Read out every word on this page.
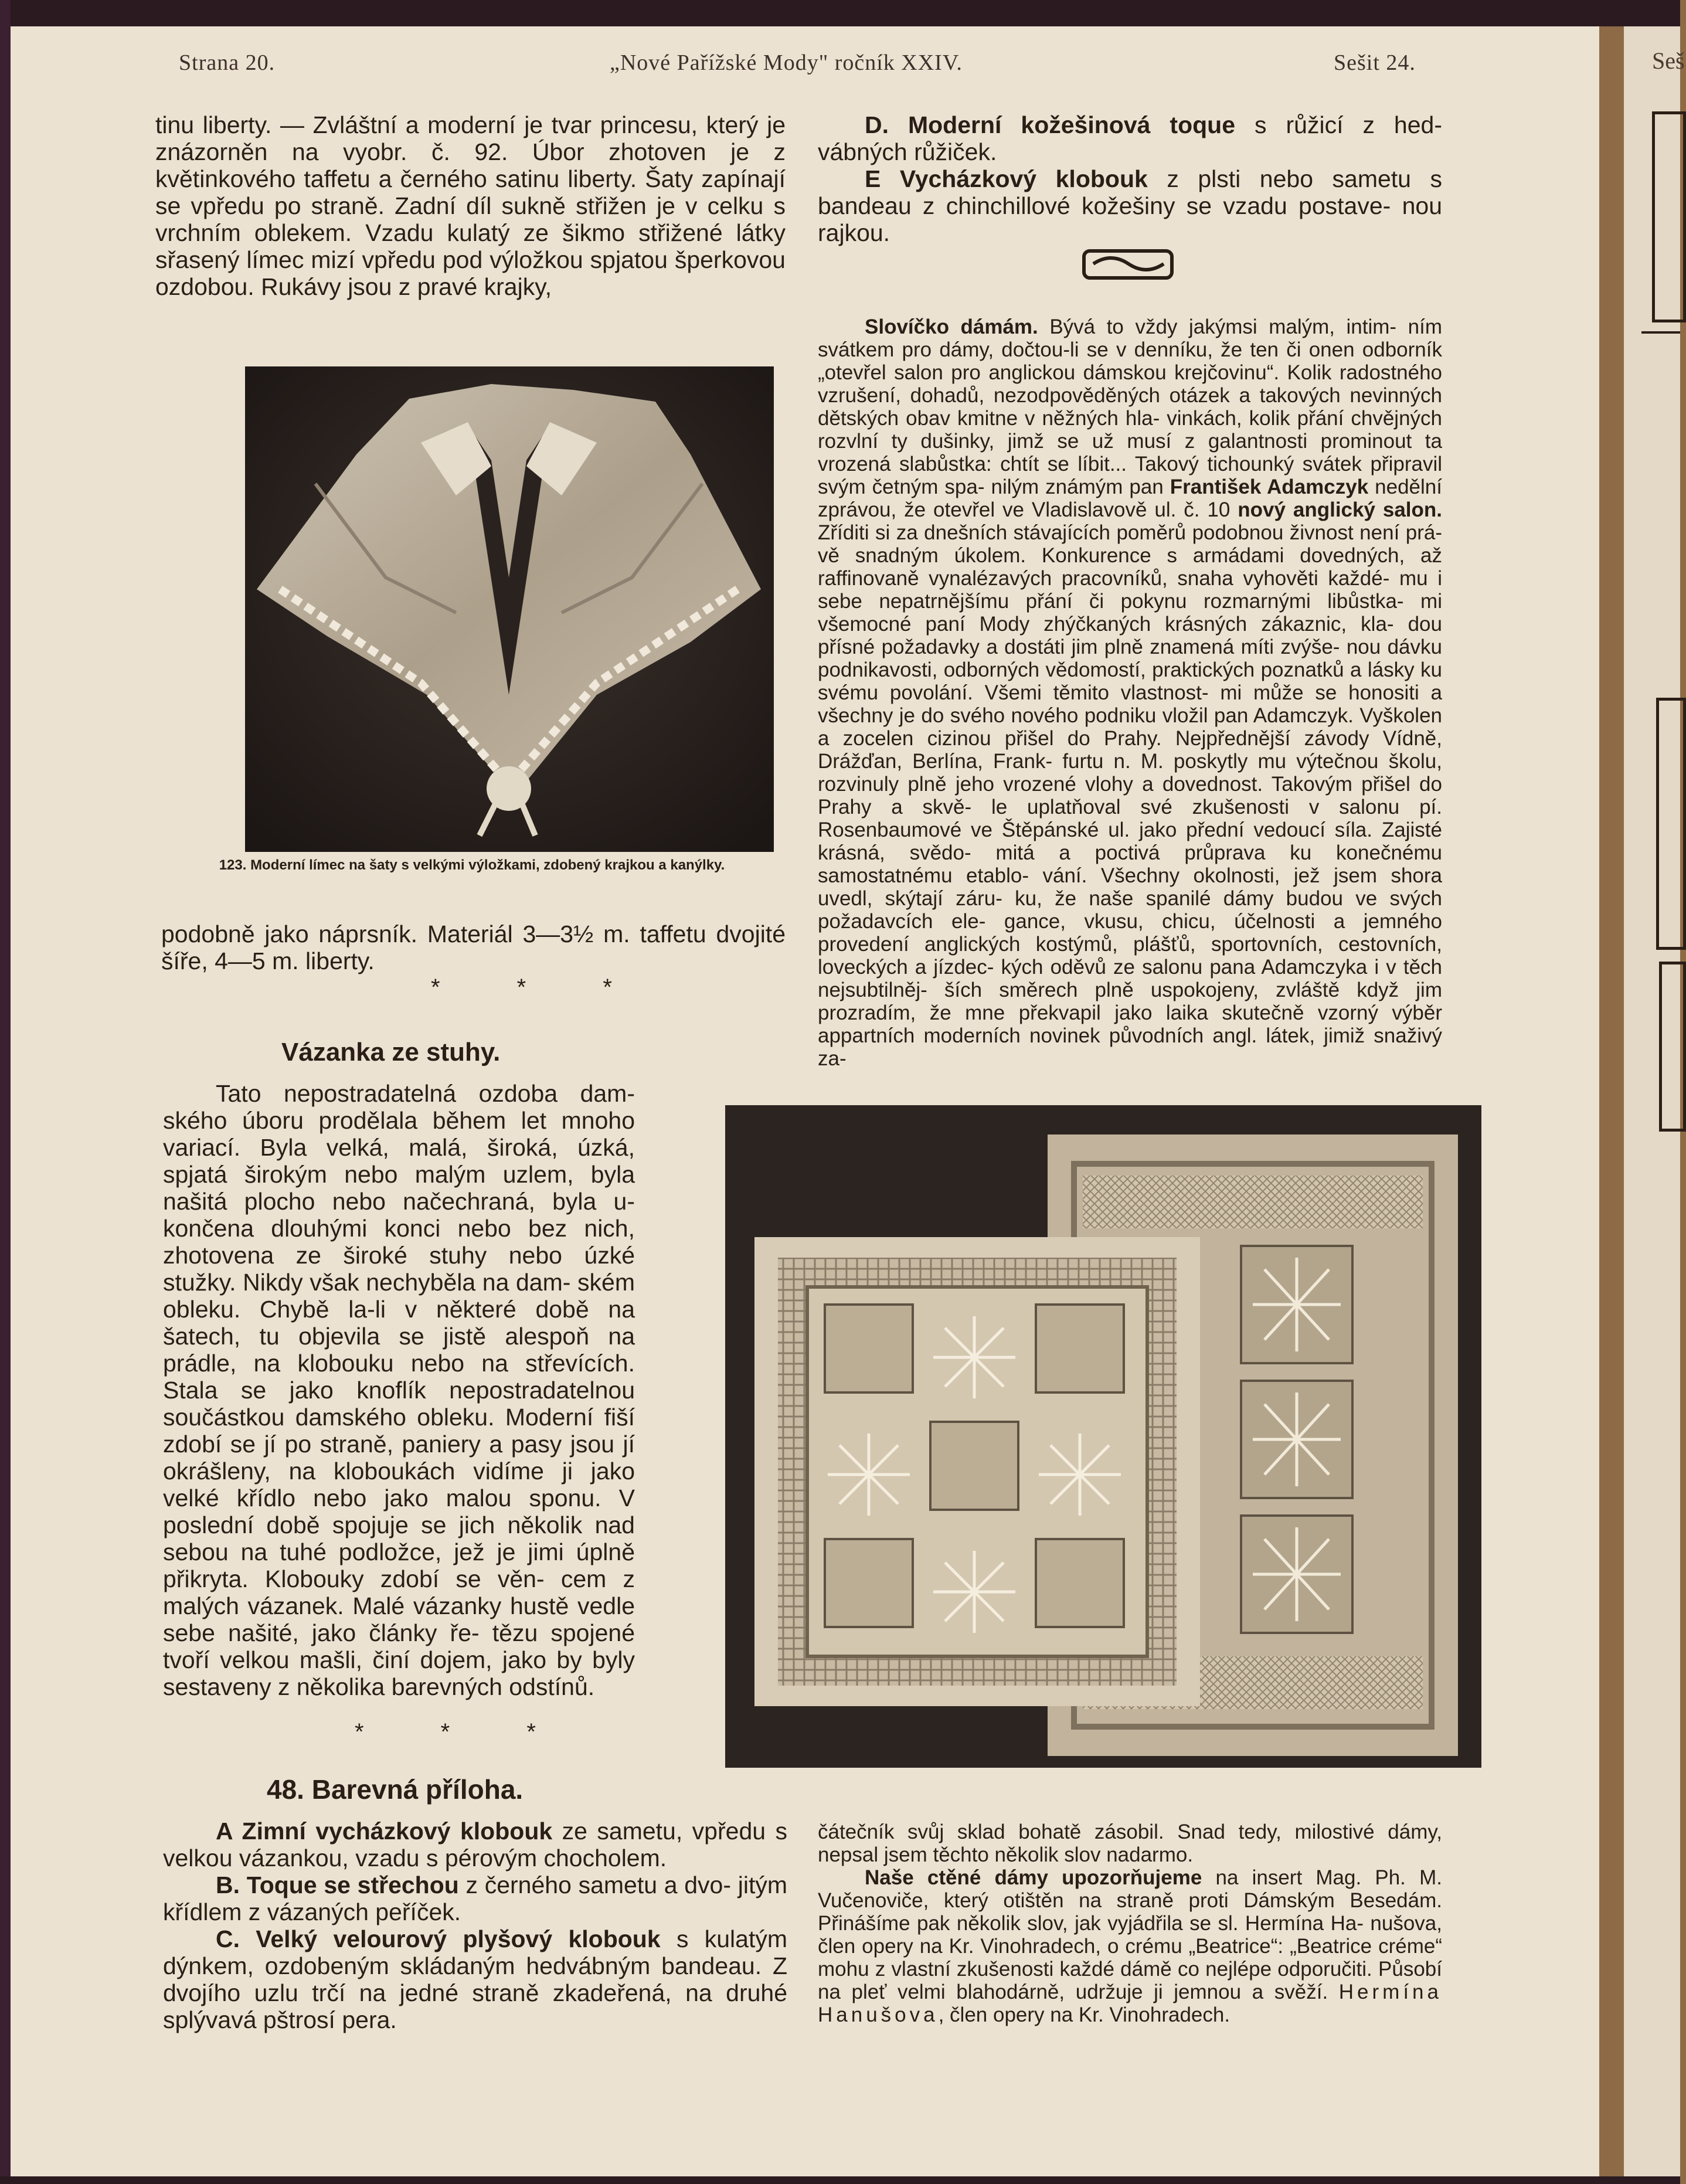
Seš
Strana 20.	„Nové Pařížské Mody" ročník XXIV.	Sešit 24.

tinu liberty. — Zvláštní a moderní je tvar princesu, který je znázorněn na vyobr. č. 92. Úbor zhotoven je z květinkového taffetu a černého satinu liberty. Šaty zapínají se vpředu po straně. Zadní díl sukně střižen je v celku s vrchním oblekem. Vzadu kulatý ze šikmo střižené látky sřasený límec mizí vpředu pod výložkou spjatou šperkovou ozdobou. Rukávy jsou z pravé krajky,

123. Moderní límec na šaty s velkými výložkami, zdobený krajkou a kanýlky.

podobně jako náprsník. Materiál 3—3½ m. taffetu dvojité šíře, 4—5 m. liberty.

* * *
Vázanka ze stuhy.

Tato nepostradatelná ozdoba dam- ského úboru prodělala během let mnoho variací. Byla velká, malá, široká, úzká, spjatá širokým nebo malým uzlem, byla našitá plocho nebo načechraná, byla u- končena dlouhými konci nebo bez nich, zhotovena ze široké stuhy nebo úzké stužky. Nikdy však nechyběla na dam- ském obleku. Chybě la-li v některé době na šatech, tu objevila se jistě alespoň na prádle, na klobouku nebo na střevících. Stala se jako knoflík nepostradatelnou součástkou damského obleku. Moderní fiší zdobí se jí po straně, paniery a pasy jsou jí okrášleny, na kloboukách vidíme ji jako velké křídlo nebo jako malou sponu. V poslední době spojuje se jich několik nad sebou na tuhé podložce, jež je jimi úplně přikryta. Klobouky zdobí se věn- cem z malých vázanek. Malé vázanky hustě vedle sebe našité, jako články ře- tězu spojené tvoří velkou mašli, činí dojem, jako by byly sestaveny z několika barevných odstínů.

* * *
48. Barevná příloha.

A Zimní vycházkový klobouk ze sametu, vpředu s velkou vázankou, vzadu s pérovým chocholem.

B. Toque se střechou z černého sametu a dvo- jitým křídlem z vázaných peříček.

C. Velký velourový plyšový klobouk s kulatým dýnkem, ozdobeným skládaným hedvábným bandeau. Z dvojího uzlu trčí na jedné straně zkadeřená, na druhé splývavá pštrosí pera.

D. Moderní kožešinová toque s růžicí z hed- vábných růžiček.

E Vycházkový klobouk z plsti nebo sametu s bandeau z chinchillové kožešiny se vzadu postave- nou rajkou.

Slovíčko dámám. Bývá to vždy jakýmsi malým, intim- ním svátkem pro dámy, dočtou-li se v denníku, že ten či onen odborník „otevřel salon pro anglickou dámskou krejčovinu“. Kolik radostného vzrušení, dohadů, nezodpověděných otázek a takových nevinných dětských obav kmitne v něžných hla- vinkách, kolik přání chvějných rozvlní ty dušinky, jimž se už musí z galantnosti prominout ta vrozená slabůstka: chtít se líbit... Takový tichounký svátek připravil svým četným spa- nilým známým pan František Adamczyk nedělní zprávou, že otevřel ve Vladislavově ul. č. 10 nový anglický salon. Zříditi si za dnešních stávajících poměrů podobnou živnost není prá- vě snadným úkolem. Konkurence s armádami dovedných, až raffinovaně vynalézavých pracovníků, snaha vyhověti každé- mu i sebe nepatrnějšímu přání či pokynu rozmarnými libůstka- mi všemocné paní Mody zhýčkaných krásných zákaznic, kla- dou přísné požadavky a dostáti jim plně znamená míti zvýše- nou dávku podnikavosti, odborných vědomostí, praktických poznatků a lásky ku svému povolání. Všemi těmito vlastnost- mi může se honositi a všechny je do svého nového podniku vložil pan Adamczyk. Vyškolen a zocelen cizinou přišel do Prahy. Nejpřednější závody Vídně, Drážďan, Berlína, Frank- furtu n. M. poskytly mu výtečnou školu, rozvinuly plně jeho vrozené vlohy a dovednost. Takovým přišel do Prahy a skvě- le uplatňoval své zkušenosti v salonu pí. Rosenbaumové ve Štěpánské ul. jako přední vedoucí síla. Zajisté krásná, svědo- mitá a poctivá průprava ku konečnému samostatnému etablo- vání. Všechny okolnosti, jež jsem shora uvedl, skýtají záru- ku, že naše spanilé dámy budou ve svých požadavcích ele- gance, vkusu, chicu, účelnosti a jemného provedení anglických kostýmů, plášťů, sportovních, cestovních, loveckých a jízdec- kých oděvů ze salonu pana Adamczyka i v těch nejsubtilněj- ších směrech plně uspokojeny, zvláště když jim prozradím, že mne překvapil jako laika skutečně vzorný výběr appartních moderních novinek původních angl. látek, jimiž snaživý za-

čátečník svůj sklad bohatě zásobil. Snad tedy, milostivé dámy, nepsal jsem těchto několik slov nadarmo.

Naše ctěné dámy upozorňujeme na insert Mag. Ph. M. Vučenoviče, který otištěn na straně proti Dámským Besedám. Přinášíme pak několik slov, jak vyjádřila se sl. Hermína Ha- nušova, člen opery na Kr. Vinohradech, o crému „Beatrice“: „Beatrice créme“ mohu z vlastní zkušenosti každé dámě co nejlépe odporučiti. Působí na pleť velmi blahodárně, udržuje ji jemnou a svěží. Hermína Hanušova, člen opery na Kr. Vinohradech.
